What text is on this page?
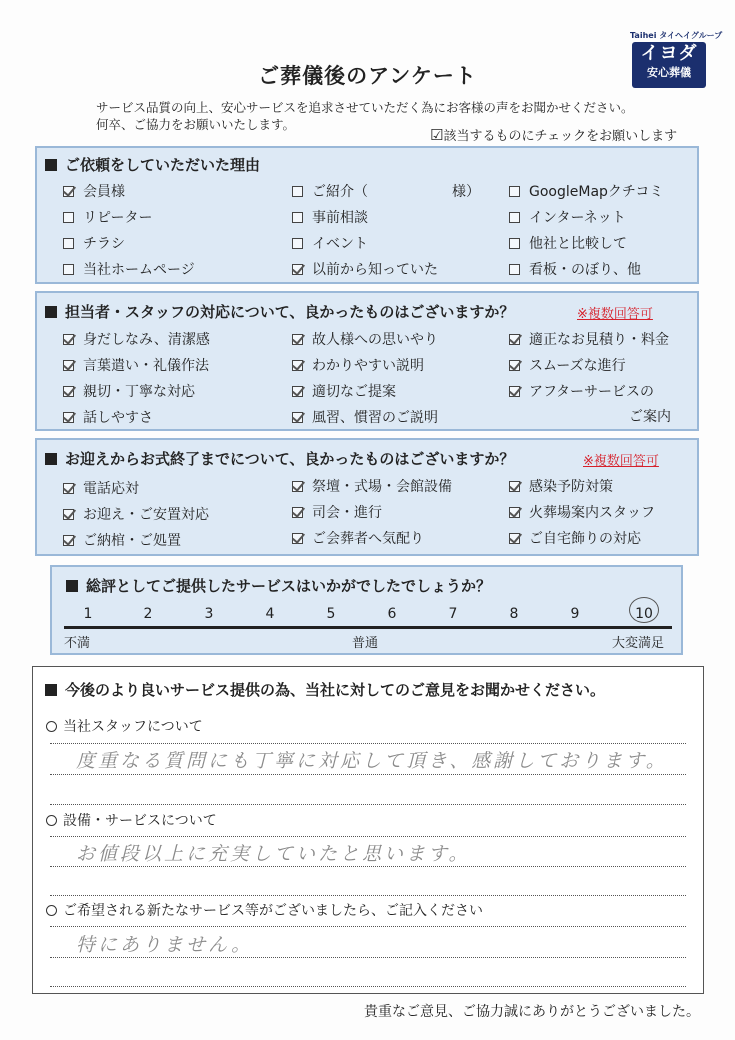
Taihei タイヘイグループ
イヨダ
安心葬儀
ご葬儀後のアンケート
サービス品質の向上、安心サービスを追求させていただく為にお客様の声をお聞かせください。
何卒、ご協力をお願いいたします。
☑該当するものにチェックをお願いします
ご依頼をしていただいた理由
会員様	ご紹介（　　　　　　様）	GoogleMapクチコミ
リピーター	事前相談	インターネット
チラシ	イベント	他社と比較して
当社ホームページ	以前から知っていた	看板・のぼり、他
担当者・スタッフの対応について、良かったものはございますか？	※複数回答可
身だしなみ、清潔感	故人様への思いやり	適正なお見積り・料金
言葉遣い・礼儀作法	わかりやすい説明	スムーズな進行
親切・丁寧な対応	適切なご提案	アフターサービスの
話しやすさ	風習、慣習のご説明	ご案内
お迎えからお式終了までについて、良かったものはございますか？	※複数回答可
電話応対	祭壇・式場・会館設備	感染予防対策
お迎え・ご安置対応	司会・進行	火葬場案内スタッフ
ご納棺・ご処置	ご会葬者へ気配り	ご自宅飾りの対応
総評としてご提供したサービスはいかがでしたでしょうか？
1	2	3	4	5	6	7	8	9	10
不満	普通	大変満足
今後のより良いサービス提供の為、当社に対してのご意見をお聞かせください。
当社スタッフについて
度重なる質問にも丁寧に対応して頂き、感謝しております。
設備・サービスについて
お値段以上に充実していたと思います。
ご希望される新たなサービス等がございましたら、ご記入ください
特にありません。
貴重なご意見、ご協力誠にありがとうございました。
